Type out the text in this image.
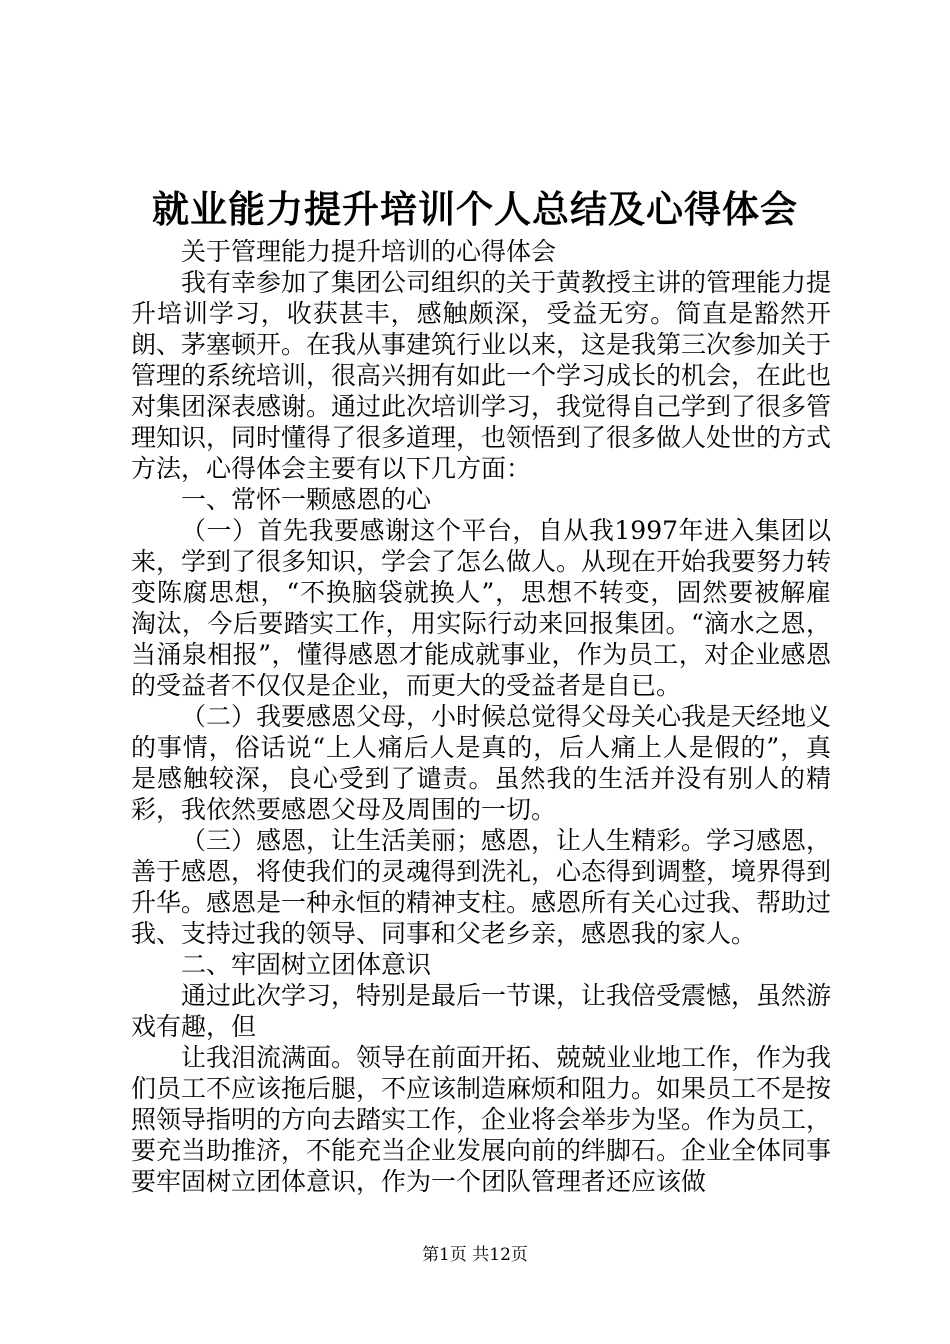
就业能力提升培训个人总结及心得体会

关于管理能力提升培训的心得体会

我有幸参加了集团公司组织的关于黄教授主讲的管理能力提升培训学习，收获甚丰，感触颇深，受益无穷。简直是豁然开朗、茅塞顿开。在我从事建筑行业以来，这是我第三次参加关于管理的系统培训，很高兴拥有如此一个学习成长的机会，在此也对集团深表感谢。通过此次培训学习，我觉得自己学到了很多管理知识，同时懂得了很多道理，也领悟到了很多做人处世的方式方法，心得体会主要有以下几方面：

一、常怀一颗感恩的心

（一）首先我要感谢这个平台，自从我1997年进入集团以来，学到了很多知识，学会了怎么做人。从现在开始我要努力转变陈腐思想，“不换脑袋就换人”，思想不转变，固然要被解雇淘汰，今后要踏实工作，用实际行动来回报集团。“滴水之恩，当涌泉相报”，懂得感恩才能成就事业，作为员工，对企业感恩的受益者不仅仅是企业，而更大的受益者是自已。

（二）我要感恩父母，小时候总觉得父母关心我是天经地义的事情，俗话说“上人痛后人是真的，后人痛上人是假的”，真是感触较深，良心受到了谴责。虽然我的生活并没有别人的精彩，我依然要感恩父母及周围的一切。

（三）感恩，让生活美丽；感恩，让人生精彩。学习感恩，善于感恩，将使我们的灵魂得到洗礼，心态得到调整，境界得到升华。感恩是一种永恒的精神支柱。感恩所有关心过我、帮助过我、支持过我的领导、同事和父老乡亲，感恩我的家人。

二、牢固树立团体意识

通过此次学习，特别是最后一节课，让我倍受震憾，虽然游戏有趣，但

让我泪流满面。领导在前面开拓、兢兢业业地工作，作为我们员工不应该拖后腿，不应该制造麻烦和阻力。如果员工不是按照领导指明的方向去踏实工作，企业将会举步为坚。作为员工，要充当助推济，不能充当企业发展向前的绊脚石。企业全体同事要牢固树立团体意识，作为一个团队管理者还应该做

第1页 共12页
